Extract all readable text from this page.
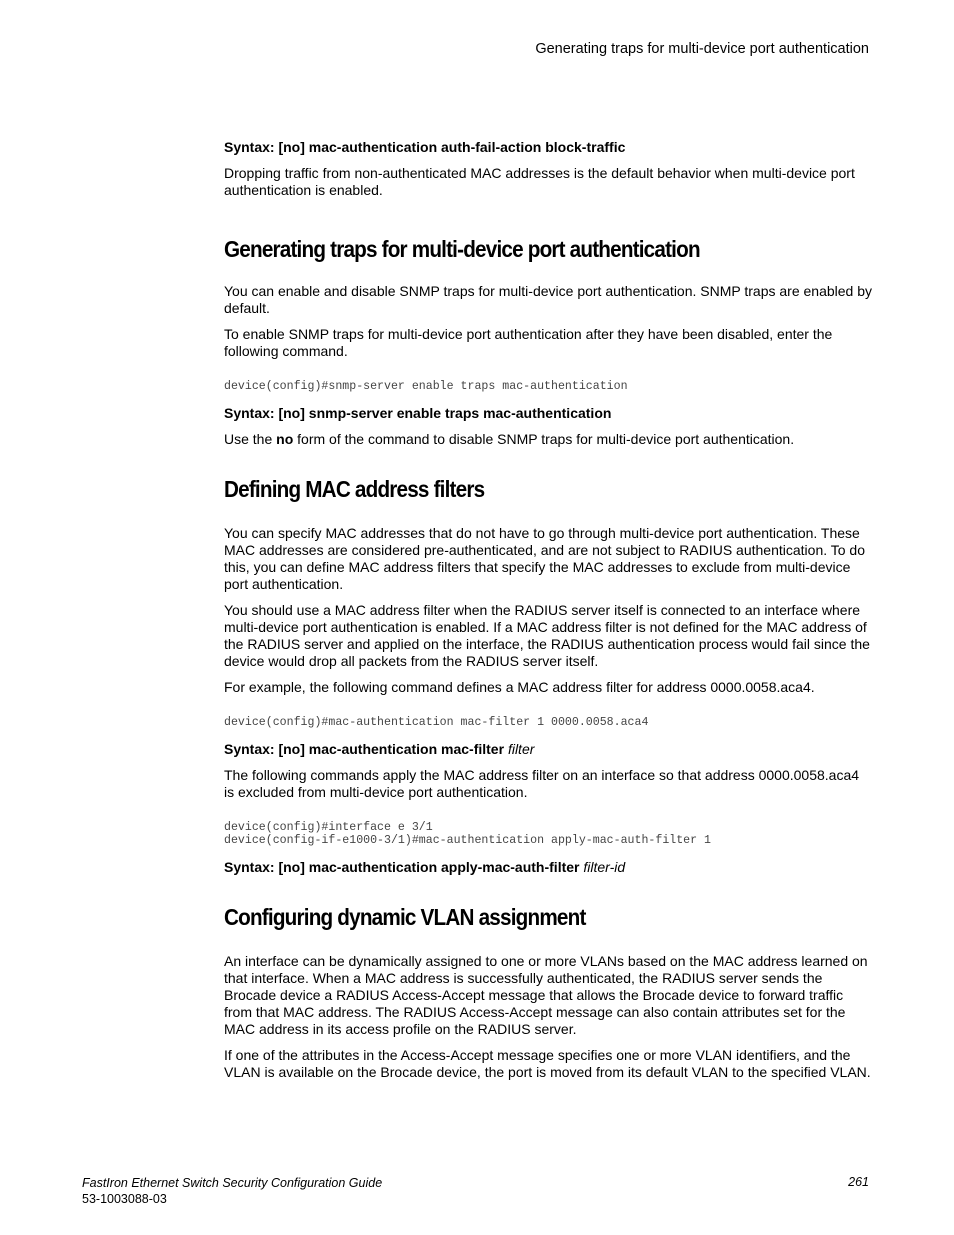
Generating traps for multi-device port authentication
Syntax: [no] mac-authentication auth-fail-action block-traffic

Dropping traffic from non-authenticated MAC addresses is the default behavior when multi-device port authentication is enabled.

Generating traps for multi-device port authentication

You can enable and disable SNMP traps for multi-device port authentication. SNMP traps are enabled by default.

To enable SNMP traps for multi-device port authentication after they have been disabled, enter the following command.

device(config)#snmp-server enable traps mac-authentication
Syntax: [no] snmp-server enable traps mac-authentication

Use the no form of the command to disable SNMP traps for multi-device port authentication.

Defining MAC address filters

You can specify MAC addresses that do not have to go through multi-device port authentication. These MAC addresses are considered pre-authenticated, and are not subject to RADIUS authentication. To do this, you can define MAC address filters that specify the MAC addresses to exclude from multi-device port authentication.

You should use a MAC address filter when the RADIUS server itself is connected to an interface where multi-device port authentication is enabled. If a MAC address filter is not defined for the MAC address of the RADIUS server and applied on the interface, the RADIUS authentication process would fail since the device would drop all packets from the RADIUS server itself.

For example, the following command defines a MAC address filter for address 0000.0058.aca4.

device(config)#mac-authentication mac-filter 1 0000.0058.aca4
Syntax: [no] mac-authentication mac-filter filter

The following commands apply the MAC address filter on an interface so that address 0000.0058.aca4 is excluded from multi-device port authentication.

device(config)#interface e 3/1
device(config-if-e1000-3/1)#mac-authentication apply-mac-auth-filter 1
Syntax: [no] mac-authentication apply-mac-auth-filter filter-id
Configuring dynamic VLAN assignment

An interface can be dynamically assigned to one or more VLANs based on the MAC address learned on that interface. When a MAC address is successfully authenticated, the RADIUS server sends the Brocade device a RADIUS Access-Accept message that allows the Brocade device to forward traffic from that MAC address. The RADIUS Access-Accept message can also contain attributes set for the MAC address in its access profile on the RADIUS server.

If one of the attributes in the Access-Accept message specifies one or more VLAN identifiers, and the VLAN is available on the Brocade device, the port is moved from its default VLAN to the specified VLAN.

FastIron Ethernet Switch Security Configuration Guide
53-1003088-03
261
